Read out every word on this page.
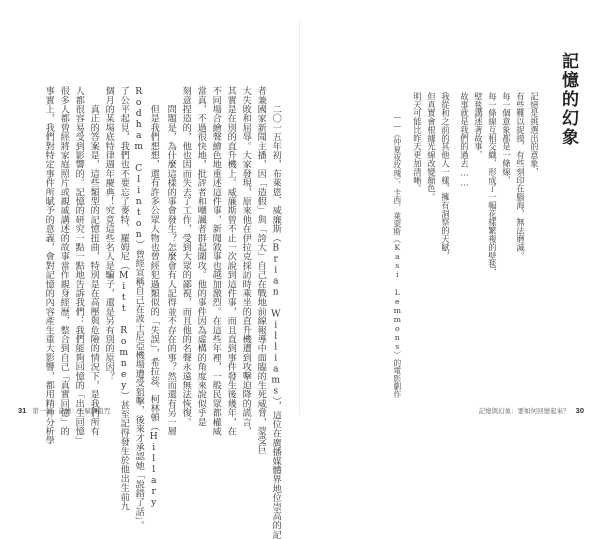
　　二〇一五年初，布萊恩．威廉斯（Brian Williams），這位在廣播媒體界地位崇高的記
者兼國家新聞主播，因「造假」與「誇大」自己在戰地前線報導中面臨的生死威脅，蒙受巨
大失敗和屈辱。大家發現，原來他在伊拉克採訪時乘坐的直升機遭到攻擊迫降的謊言，
其實是在別的直升機上。威廉斯曾不止一次說到這件事，而且直到事件發生後幾年，在
不同場合繪聲繪色地重述這件事，新聞敘事也越加激烈。在這些年裡，一般民眾都權威
當真，不過很快地，批評者和嘲諷者群起圍攻。他的事件因為虛構的角度來說似乎是
刻意捏造的，他也因而失去了工作，受到大眾的鄙視，而且他的名聲永遠無法恢復。
　　問題是，為什麼這樣的事會發生？怎麼會有人記得並不存在的事？然而還有另一層
　　但是我們想想，還有許多公眾人物也曾經犯過類似的「失誤」，希拉蕊．柯林頓（Hillary
Rodham Clinton）曾經宣稱自己在波士尼亞機場遭受狙擊，後來才承認她「說錯了話」。
了公平起見，我們也不要忘了麥特．羅姆尼（Mitt Romney）甚至記得發生於他出生前九
個月的某場底特律週年慶典！究竟這些名人是騙子，還是另有別的原因？
　　真正的答案是，這些類型的記憶扭曲，特別是在高壓與危險的情況下，是我們所有
人都很容易受到影響的。記憶的研究一點一點地告訴我們：我們能夠回憶的「出生回憶」
很多人都曾經將家庭照片或親戚講述的故事當作親身經歷，整合到自己「真實回憶」的
事實上，我們對特定事件所賦予的意義，會對記憶的內容產生重大影響，都用精神分析學	記憶的幻象
記憶是挑選出的意象，
有些難以捉摸，有些刻印在腦海，無法磨滅。
每一個意象都是一條線，
每一條線互相交織，形成了一幅花樣繁複的壁毯，
壁毯講述著故事，
故事就是我們的過去……
我從和之前的其他人一樣，擁有洞察的天賦，
但真實會根據光線改變顏色。
明天可能比昨天更加清晰。
——《仲夏夜玫瑰》，卡西．萊蒙斯（Kasi Lemmons）的電影劇作
31 第一章　記憶：天賦與詛咒	記憶與幻象：要如何回憶起來？ 30
